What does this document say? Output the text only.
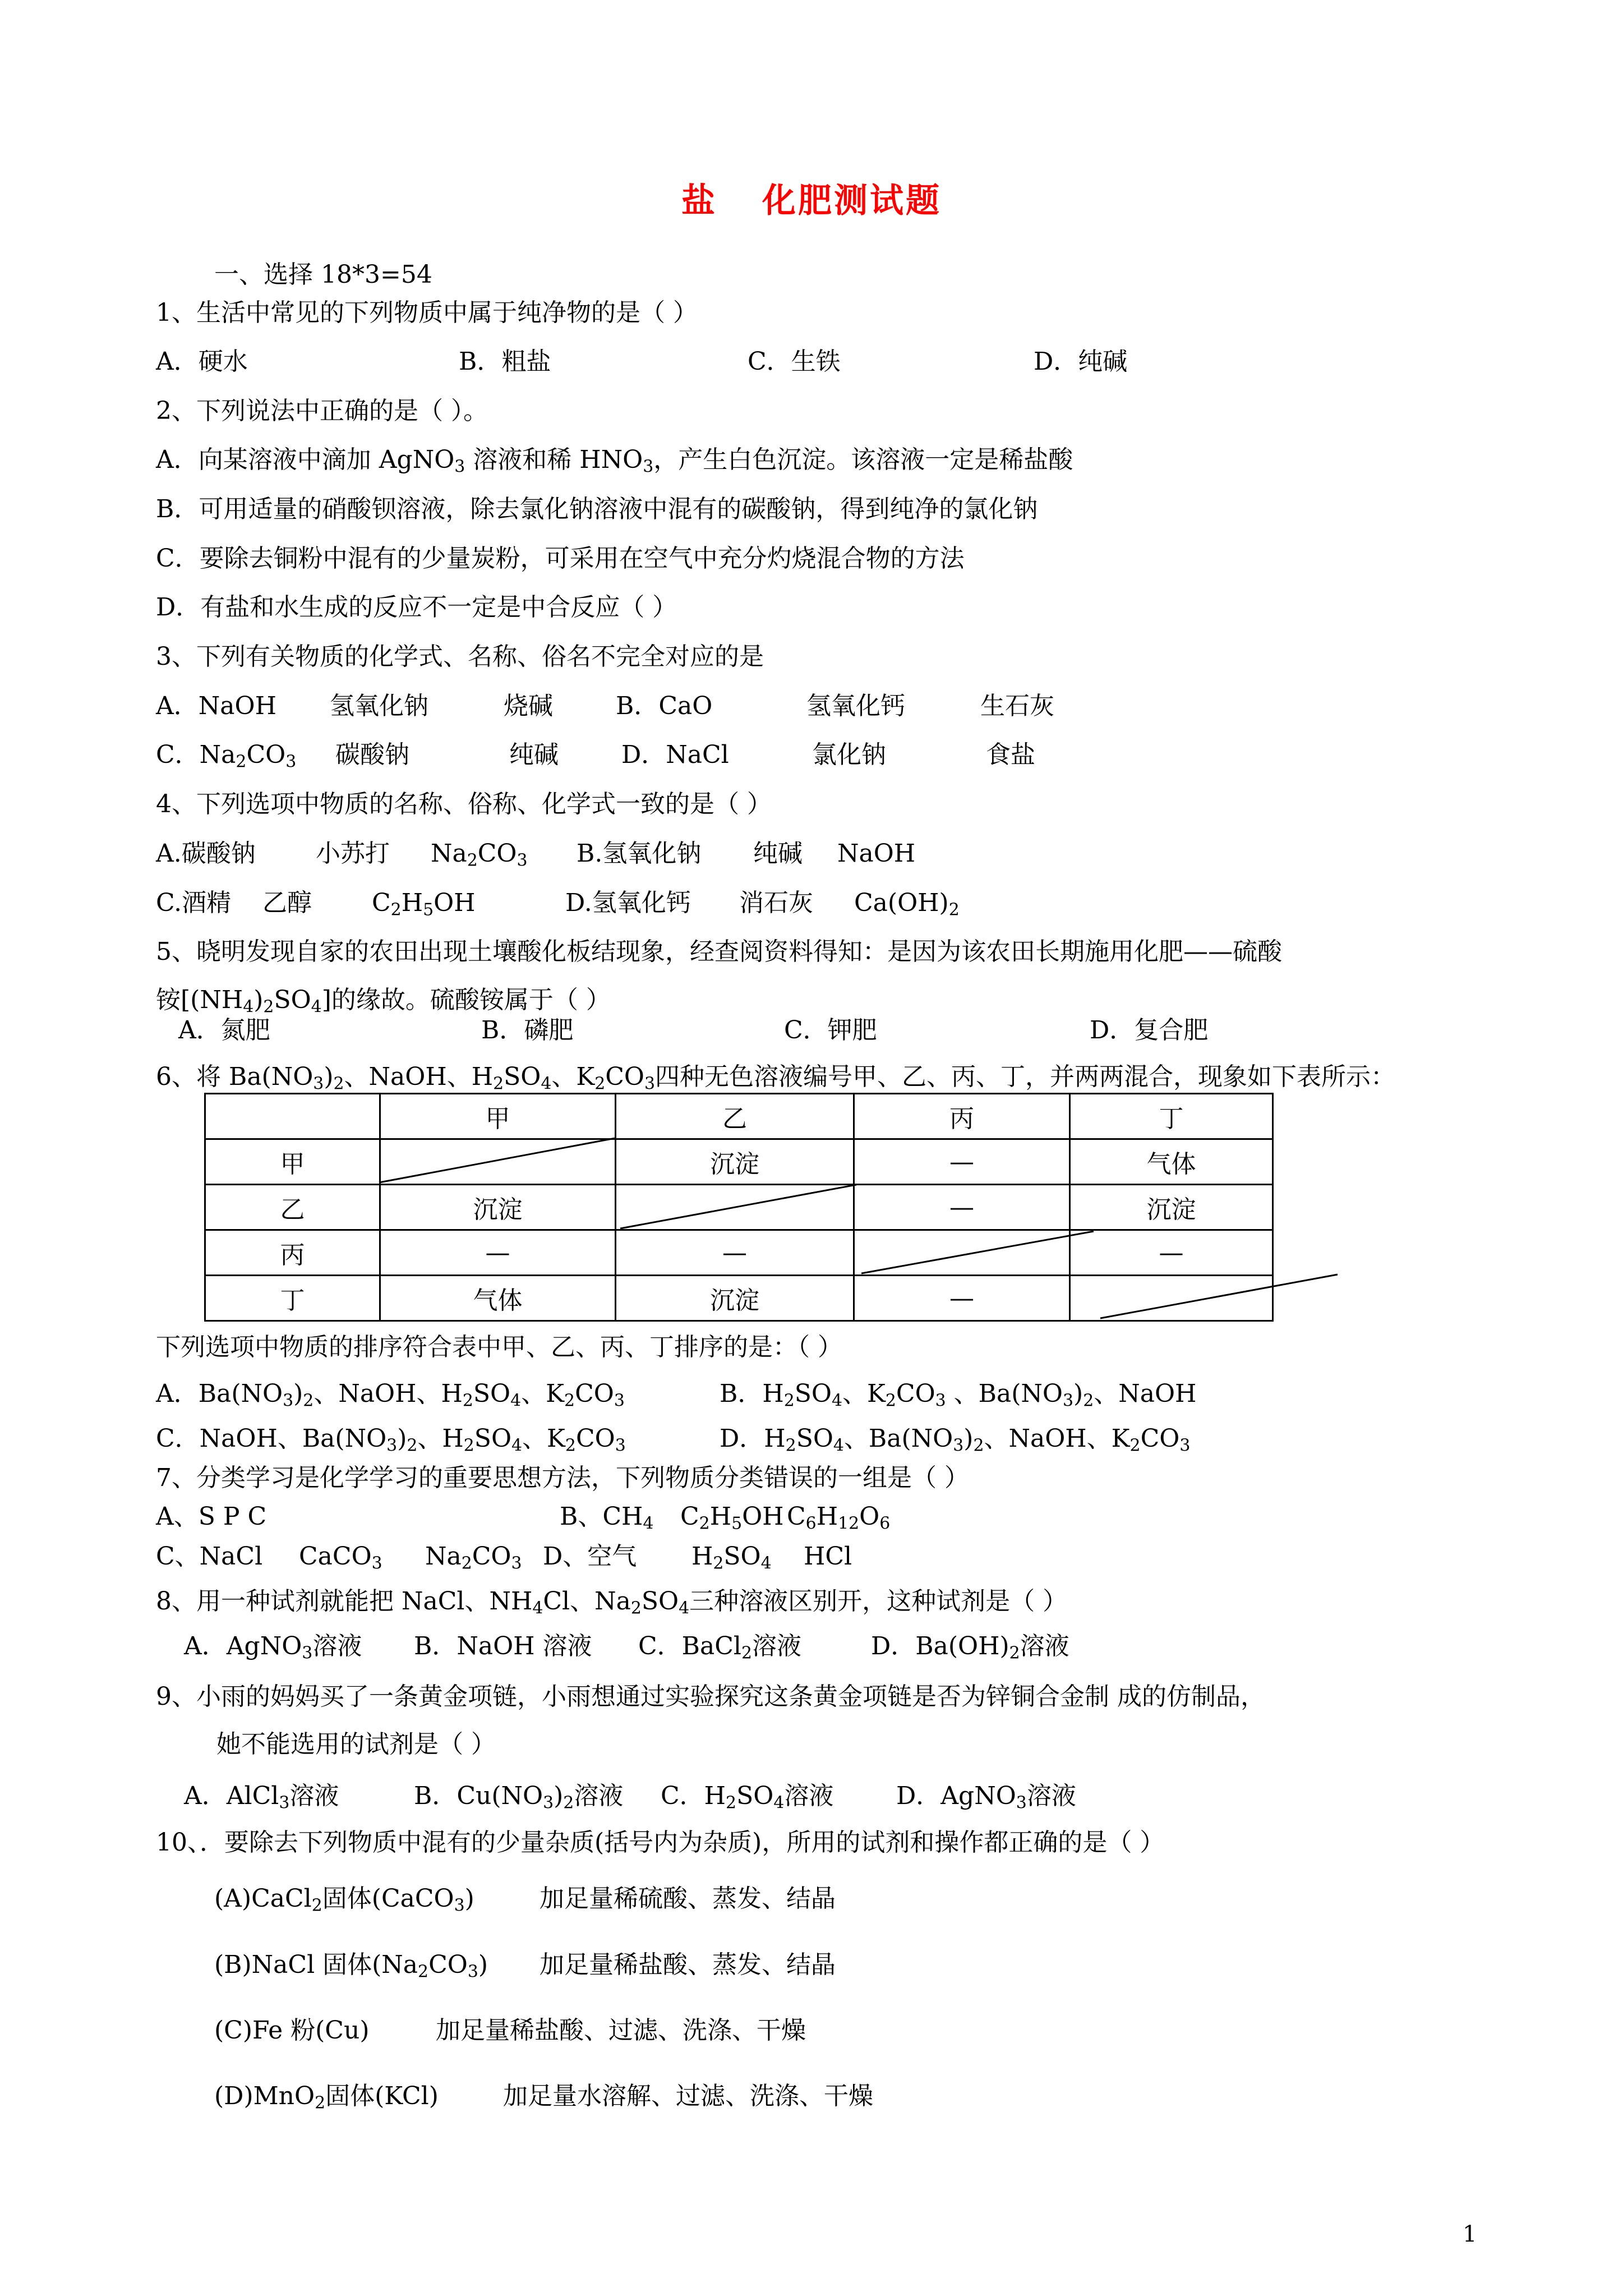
盐 化肥测试题
一、选择 18*3=54
1、生活中常见的下列物质中属于纯净物的是（ ）
A．硬水	B．粗盐	C．生铁	D．纯碱
2、下列说法中正确的是（ ）。
A．向某溶液中滴加 AgNO$_3$ 溶液和稀 $HNO_3$，产生白色沉淀。该溶液一定是稀盐酸
B．可用适量的硝酸钡溶液，除去氯化钠溶液中混有的碳酸钠，得到纯净的氯化钠
C．要除去铜粉中混有的少量炭粉，可采用在空气中充分灼烧混合物的方法
D．有盐和水生成的反应不一定是中合反应（ ）
3、下列有关物质的化学式、名称、俗名不完全对应的是
A．NaOH 氢氧化钠	烧碱	B．CaO	氢氧化钙	生石灰
C．$Na_2CO_3$ 碳酸钠	纯碱	D．NaCl	氯化钠	食盐
4、下列选项中物质的名称、俗称、化学式一致的是（ ）
A.碳酸钠 小苏打 $Na_2CO_3$ B.氢氧化钠 纯碱 NaOH
C.酒精 乙醇 $C_2H_5OH$	D.氢氧化钙 消石灰 $Ca(OH)_2$
5、晓明发现自家的农田出现土壤酸化板结现象，经查阅资料得知：是因为该农田长期施用化肥——硫酸
铵$[(NH_4)_2SO_4]$的缘故。硫酸铵属于（ ）
A．氮肥	B．磷肥	C．钾肥	D．复合肥
6、将 $Ba(NO_3)_2$、NaOH、$H_2SO_4$、$K_2CO_3$四种无色溶液编号甲、乙、丙、丁，并两两混合，现象如下表所示：
	甲	乙	丙	丁
甲		沉淀	—	气体
乙	沉淀		—	沉淀
丙	—	—		—
丁	气体	沉淀	—	
下列选项中物质的排序符合表中甲、乙、丙、丁排序的是：（ ）
A．$Ba(NO_3)_2$、NaOH、$H_2SO_4$、$K_2CO_3$	B．$H_2SO_4$、$K_2CO_3$ 、$Ba(NO_3)_2$、NaOH
C．NaOH、$Ba(NO_3)_2$、$H_2SO_4$、$K_2CO_3$	D．$H_2SO_4$、$Ba(NO_3)_2$、NaOH、$K_2CO_3$
7、分类学习是化学学习的重要思想方法，下列物质分类错误的一组是（ ）
A、S P C	B、$CH_4$ $C_2H_5OH$ $C_6H_{12}O_6$
C、NaCl CaCO$_3$ $Na_2CO_3$ D、空气 $H_2SO_4$ HCl
8、用一种试剂就能把 NaCl、$NH_4Cl$、$Na_2SO_4$三种溶液区别开，这种试剂是（ ）
A．AgNO$_3$溶液 B．NaOH 溶液 C．BaCl$_2$溶液	D．$Ba(OH)_2$溶液
9、小雨的妈妈买了一条黄金项链，小雨想通过实验探究这条黄金项链是否为锌铜合金制 成的仿制品，
她不能选用的试剂是（ ）
A．AlCl$_3$溶液	B．$Cu(NO_3)_2$溶液 C．$H_2SO_4$溶液	D．AgNO$_3$溶液
10、．要除去下列物质中混有的少量杂质(括号内为杂质)，所用的试剂和操作都正确的是（ ）
(A)CaCl$_2$固体(CaCO$_3$)	加足量稀硫酸、蒸发、结晶
(B)NaCl 固体$(Na_2CO_3)$ 加足量稀盐酸、蒸发、结晶
(C)Fe 粉(Cu)	加足量稀盐酸、过滤、洗涤、干燥
(D)MnO$_2$固体(KCl)	加足量水溶解、过滤、洗涤、干燥
1
